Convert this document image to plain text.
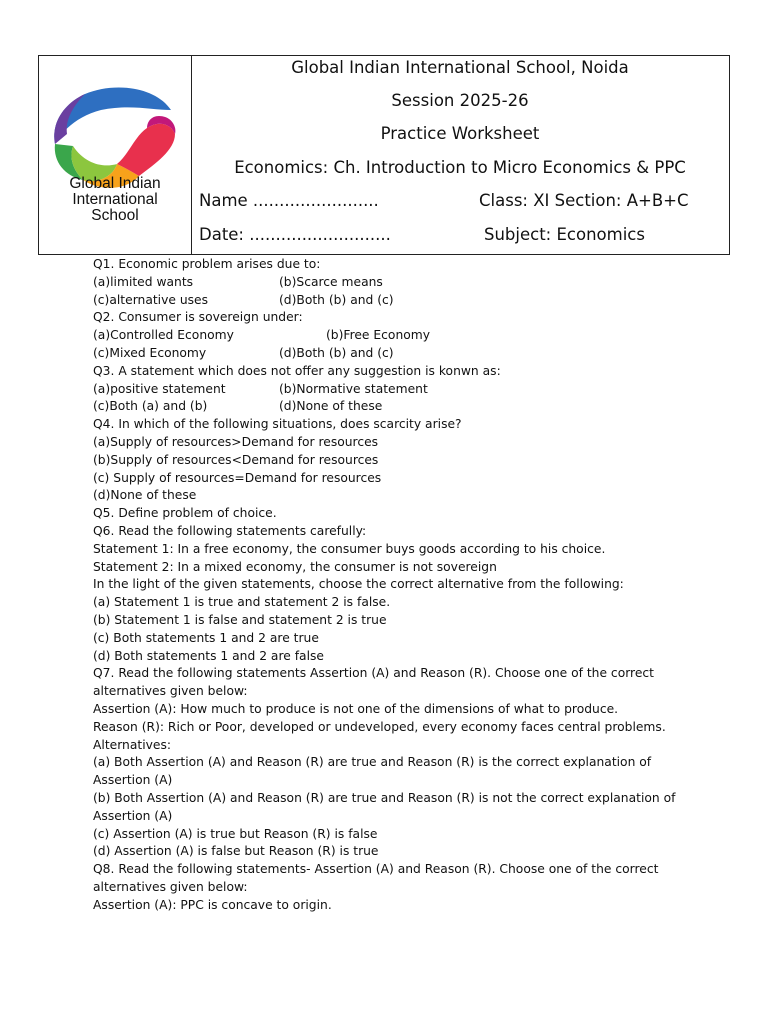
Global Indian
International
School
Global Indian International School, Noida
Session 2025-26
Practice Worksheet
Economics: Ch. Introduction to Micro Economics & PPC
Name ........................	Class: XI Section: A+B+C
Date: ...........................	Subject: Economics
Q1. Economic problem arises due to:
(a)limited wants	(b)Scarce means
(c)alternative uses	(d)Both (b) and (c)
Q2. Consumer is sovereign under:
(a)Controlled Economy	(b)Free Economy
(c)Mixed Economy	(d)Both (b) and (c)
Q3. A statement which does not offer any suggestion is konwn as:
(a)positive statement	(b)Normative statement
(c)Both (a) and (b)	(d)None of these
Q4. In which of the following situations, does scarcity arise?
(a)Supply of resources>Demand for resources
(b)Supply of resources<Demand for resources
(c) Supply of resources=Demand for resources
(d)None of these
Q5. Define problem of choice.
Q6. Read the following statements carefully:
Statement 1: In a free economy, the consumer buys goods according to his choice.
Statement 2: In a mixed economy, the consumer is not sovereign
In the light of the given statements, choose the correct alternative from the following:
(a) Statement 1 is true and statement 2 is false.
(b) Statement 1 is false and statement 2 is true
(c) Both statements 1 and 2 are true
(d) Both statements 1 and 2 are false
Q7. Read the following statements Assertion (A) and Reason (R). Choose one of the correct alternatives given below:
Assertion (A): How much to produce is not one of the dimensions of what to produce.
Reason (R): Rich or Poor, developed or undeveloped, every economy faces central problems.
Alternatives:
(a) Both Assertion (A) and Reason (R) are true and Reason (R) is the correct explanation of Assertion (A)
(b) Both Assertion (A) and Reason (R) are true and Reason (R) is not the correct explanation of Assertion (A)
(c) Assertion (A) is true but Reason (R) is false
(d) Assertion (A) is false but Reason (R) is true
Q8. Read the following statements- Assertion (A) and Reason (R). Choose one of the correct alternatives given below:
Assertion (A): PPC is concave to origin.
